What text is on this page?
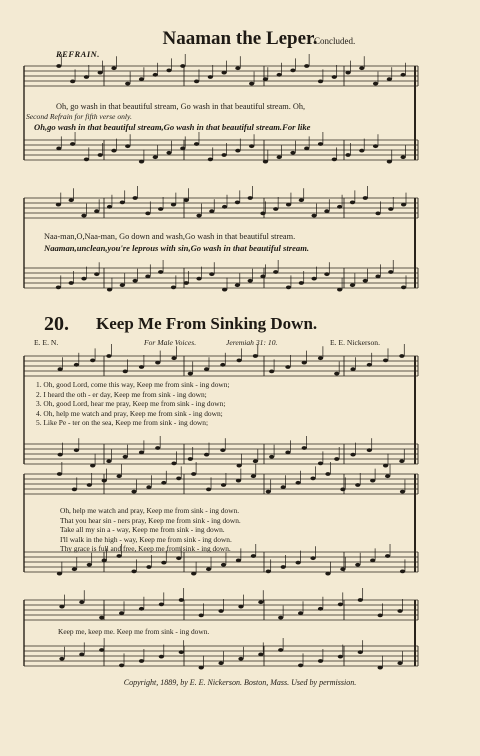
Naaman the Leper.
Concluded.
REFRAIN.
Oh, go wash in that beautiful stream, Go wash in that beautiful stream. Oh,
Second Refrain for fifth verse only.
Oh,go wash in that beautiful stream,Go wash in that beautiful stream.For like
Naa-man,O,Naa-man, Go down and wash,Go wash in that beautiful stream.
Naaman,unclean,you're leprous with sin,Go wash in that beautiful stream.
20. Keep Me From Sinking Down.
E. E. N.	For Male Voices.	Jeremiah 31: 10.	E. E. Nickerson.
1. Oh, good Lord, come this way, Keep me from sink - ing down;
2. I heard the oth - er day, Keep me from sink - ing down;
3. Oh, good Lord, hear me pray, Keep me from sink - ing down;
4. Oh, help me watch and pray, Keep me from sink - ing down;
5. Like Pe - ter on the sea, Keep me from sink - ing down;
Oh, help me watch and pray, Keep me from sink - ing down.
That you hear sin - ners pray, Keep me from sink - ing down.
Take all my sin a - way, Keep me from sink - ing down.
I'll walk in the high - way, Keep me from sink - ing down.
Thy grace is full and free, Keep me from sink - ing down.
Keep me, keep me. Keep me from sink - ing down.
Copyright, 1889, by E. E. Nickerson. Boston, Mass. Used by permission.
